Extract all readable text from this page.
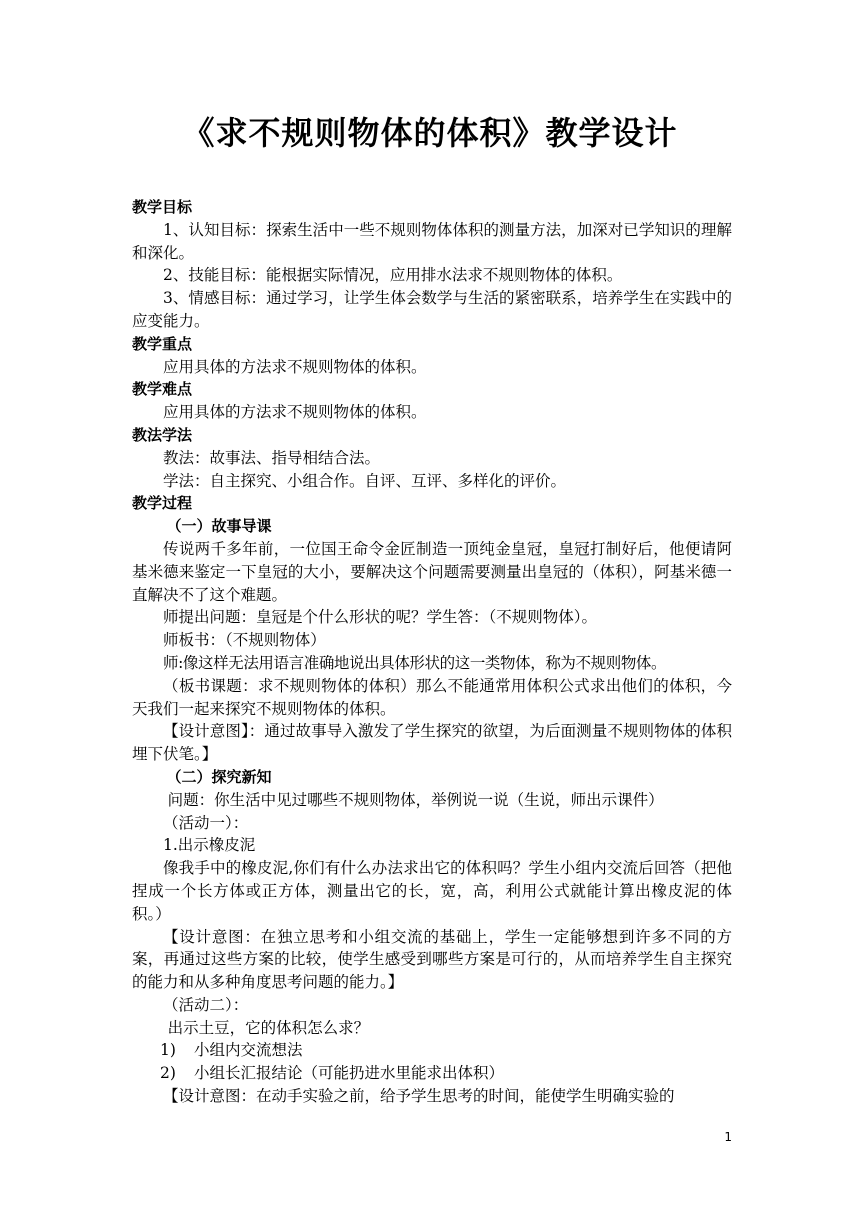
《求不规则物体的体积》教学设计

教学目标

1、认知目标：探索生活中一些不规则物体体积的测量方法，加深对已学知识的理解和深化。

2、技能目标：能根据实际情况，应用排水法求不规则物体的体积。

3、情感目标：通过学习，让学生体会数学与生活的紧密联系，培养学生在实践中的应变能力。

教学重点

应用具体的方法求不规则物体的体积。

教学难点

应用具体的方法求不规则物体的体积。

教法学法

教法：故事法、指导相结合法。

学法：自主探究、小组合作。自评、互评、多样化的评价。

教学过程

（一）故事导课

传说两千多年前，一位国王命令金匠制造一顶纯金皇冠，皇冠打制好后，他便请阿基米德来鉴定一下皇冠的大小，要解决这个问题需要测量出皇冠的（体积），阿基米德一直解决不了这个难题。

师提出问题：皇冠是个什么形状的呢？学生答：（不规则物体）。

师板书：（不规则物体）

师:像这样无法用语言准确地说出具体形状的这一类物体，称为不规则物体。

（板书课题：求不规则物体的体积）那么不能通常用体积公式求出他们的体积，今天我们一起来探究不规则物体的体积。

【设计意图】：通过故事导入激发了学生探究的欲望，为后面测量不规则物体的体积埋下伏笔。】

（二）探究新知

问题：你生活中见过哪些不规则物体，举例说一说（生说，师出示课件）

（活动一）：

1.出示橡皮泥

像我手中的橡皮泥,你们有什么办法求出它的体积吗？学生小组内交流后回答（把他捏成一个长方体或正方体，测量出它的长，宽，高，利用公式就能计算出橡皮泥的体积。）

【设计意图：在独立思考和小组交流的基础上，学生一定能够想到许多不同的方案，再通过这些方案的比较，使学生感受到哪些方案是可行的，从而培养学生自主探究的能力和从多种角度思考问题的能力。】

（活动二）：

出示土豆，它的体积怎么求？

1)	小组内交流想法

2)	小组长汇报结论（可能扔进水里能求出体积）

【设计意图：在动手实验之前，给予学生思考的时间，能使学生明确实验的

1
